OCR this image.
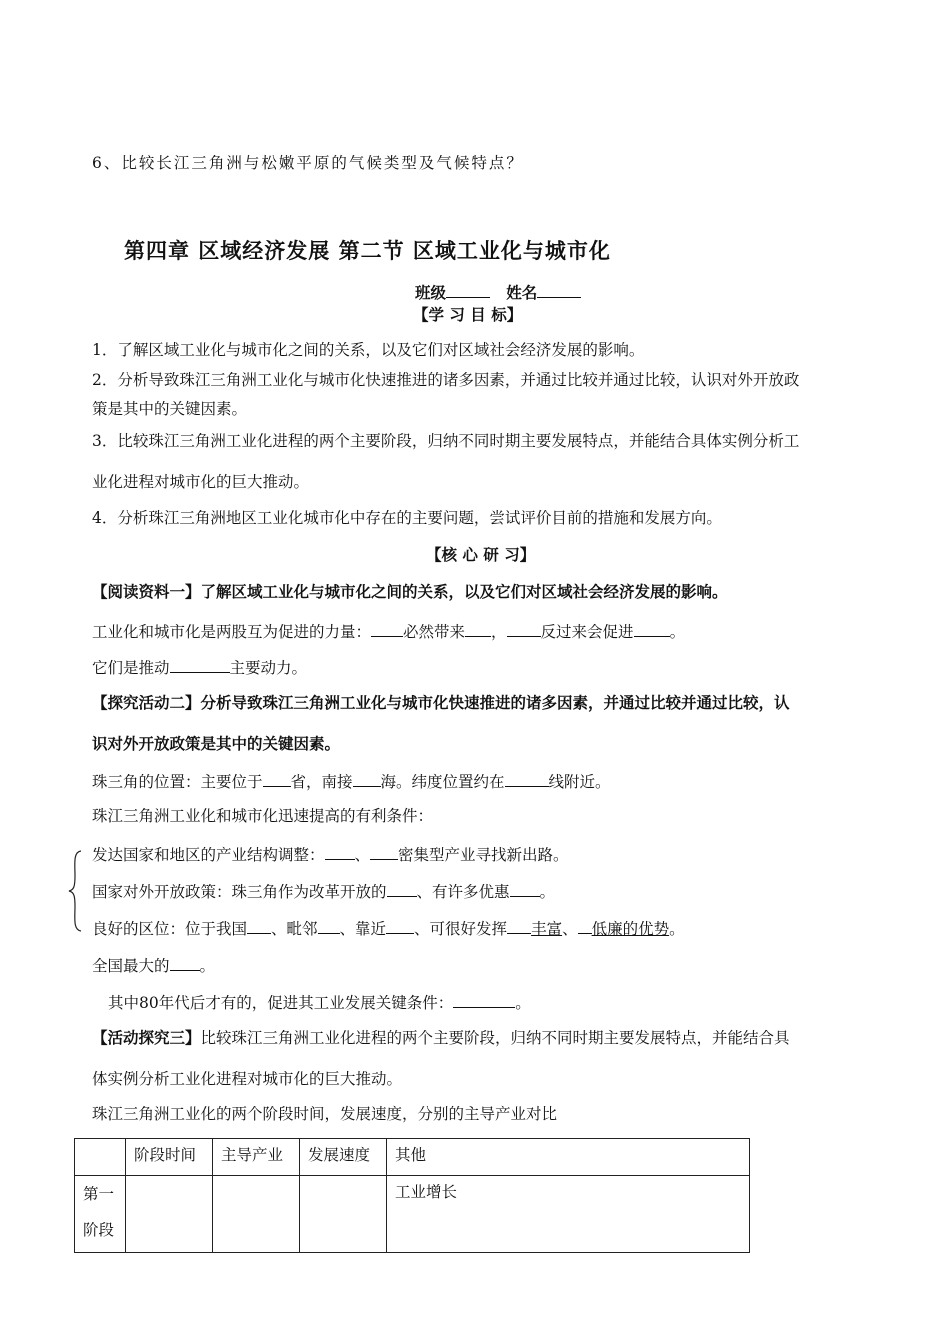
6、比较长江三角洲与松嫩平原的气候类型及气候特点？
第四章 区域经济发展 第二节 区域工业化与城市化
班级	姓名
【学 习 目 标】
1．了解区域工业化与城市化之间的关系，以及它们对区域社会经济发展的影响。
2．分析导致珠江三角洲工业化与城市化快速推进的诸多因素，并通过比较并通过比较，认识对外开放政
策是其中的关键因素。
3．比较珠江三角洲工业化进程的两个主要阶段，归纳不同时期主要发展特点，并能结合具体实例分析工
业化进程对城市化的巨大推动。
4．分析珠江三角洲地区工业化城市化中存在的主要问题，尝试评价目前的措施和发展方向。
【核 心 研 习】
【阅读资料一】了解区域工业化与城市化之间的关系，以及它们对区域社会经济发展的影响。
工业化和城市化是两股互为促进的力量： 必然带来 ， 反过来会促进 。
它们是推动	主要动力。
【探究活动二】分析导致珠江三角洲工业化与城市化快速推进的诸多因素，并通过比较并通过比较，认
识对外开放政策是其中的关键因素。
珠三角的位置：主要位于 省，南接 海。纬度位置约在	线附近。
珠江三角洲工业化和城市化迅速提高的有利条件：
发达国家和地区的产业结构调整： 、 密集型产业寻找新出路。
国家对外开放政策：珠三角作为改革开放的 、有许多优惠 。
良好的区位：位于我国 、毗邻 、靠近 、可很好发挥 丰富、 低廉的优势。
全国最大的 。
其中80年代后才有的，促进其工业发展关键条件：	。
【活动探究三】比较珠江三角洲工业化进程的两个主要阶段，归纳不同时期主要发展特点，并能结合具
体实例分析工业化进程对城市化的巨大推动。
珠江三角洲工业化的两个阶段时间，发展速度，分别的主导产业对比
	阶段时间	主导产业	发展速度	其他

第一
阶段				工业增长
